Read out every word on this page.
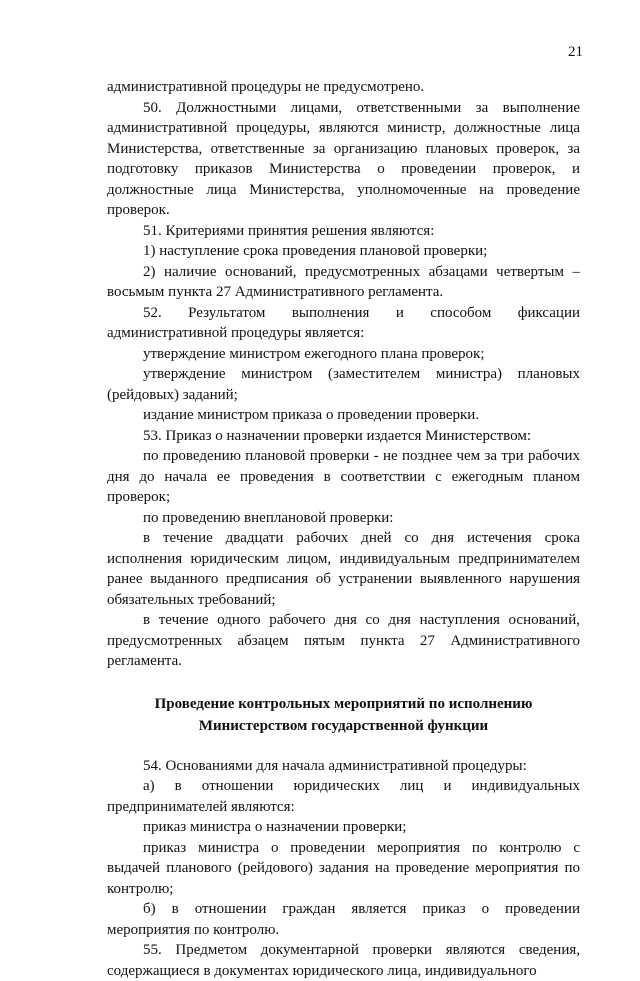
21

административной процедуры не предусмотрено.

50. Должностными лицами, ответственными за выполнение административной процедуры, являются министр, должностные лица Министерства, ответственные за организацию плановых проверок, за подготовку приказов Министерства о проведении проверок, и должностные лица Министерства, уполномоченные на проведение проверок.

51. Критериями принятия решения являются:

1) наступление срока проведения плановой проверки;

2) наличие оснований, предусмотренных абзацами четвертым – восьмым пункта 27 Административного регламента.

52. Результатом выполнения и способом фиксации административной процедуры является:

утверждение министром ежегодного плана проверок;

утверждение министром (заместителем министра) плановых (рейдовых) заданий;

издание министром приказа о проведении проверки.

53. Приказ о назначении проверки издается Министерством:

по проведению плановой проверки - не позднее чем за три рабочих дня до начала ее проведения в соответствии с ежегодным планом проверок;

по проведению внеплановой проверки:

в течение двадцати рабочих дней со дня истечения срока исполнения юридическим лицом, индивидуальным предпринимателем ранее выданного предписания об устранении выявленного нарушения обязательных требований;

в течение одного рабочего дня со дня наступления оснований, предусмотренных абзацем пятым пункта 27 Административного регламента.

Проведение контрольных мероприятий по исполнению
Министерством государственной функции

54. Основаниями для начала административной процедуры:

а) в отношении юридических лиц и индивидуальных предпринимателей являются:

приказ министра о назначении проверки;

приказ министра о проведении мероприятия по контролю с выдачей планового (рейдового) задания на проведение мероприятия по контролю;

б) в отношении граждан является приказ о проведении мероприятия по контролю.

55. Предметом документарной проверки являются сведения, содержащиеся в документах юридического лица, индивидуального
